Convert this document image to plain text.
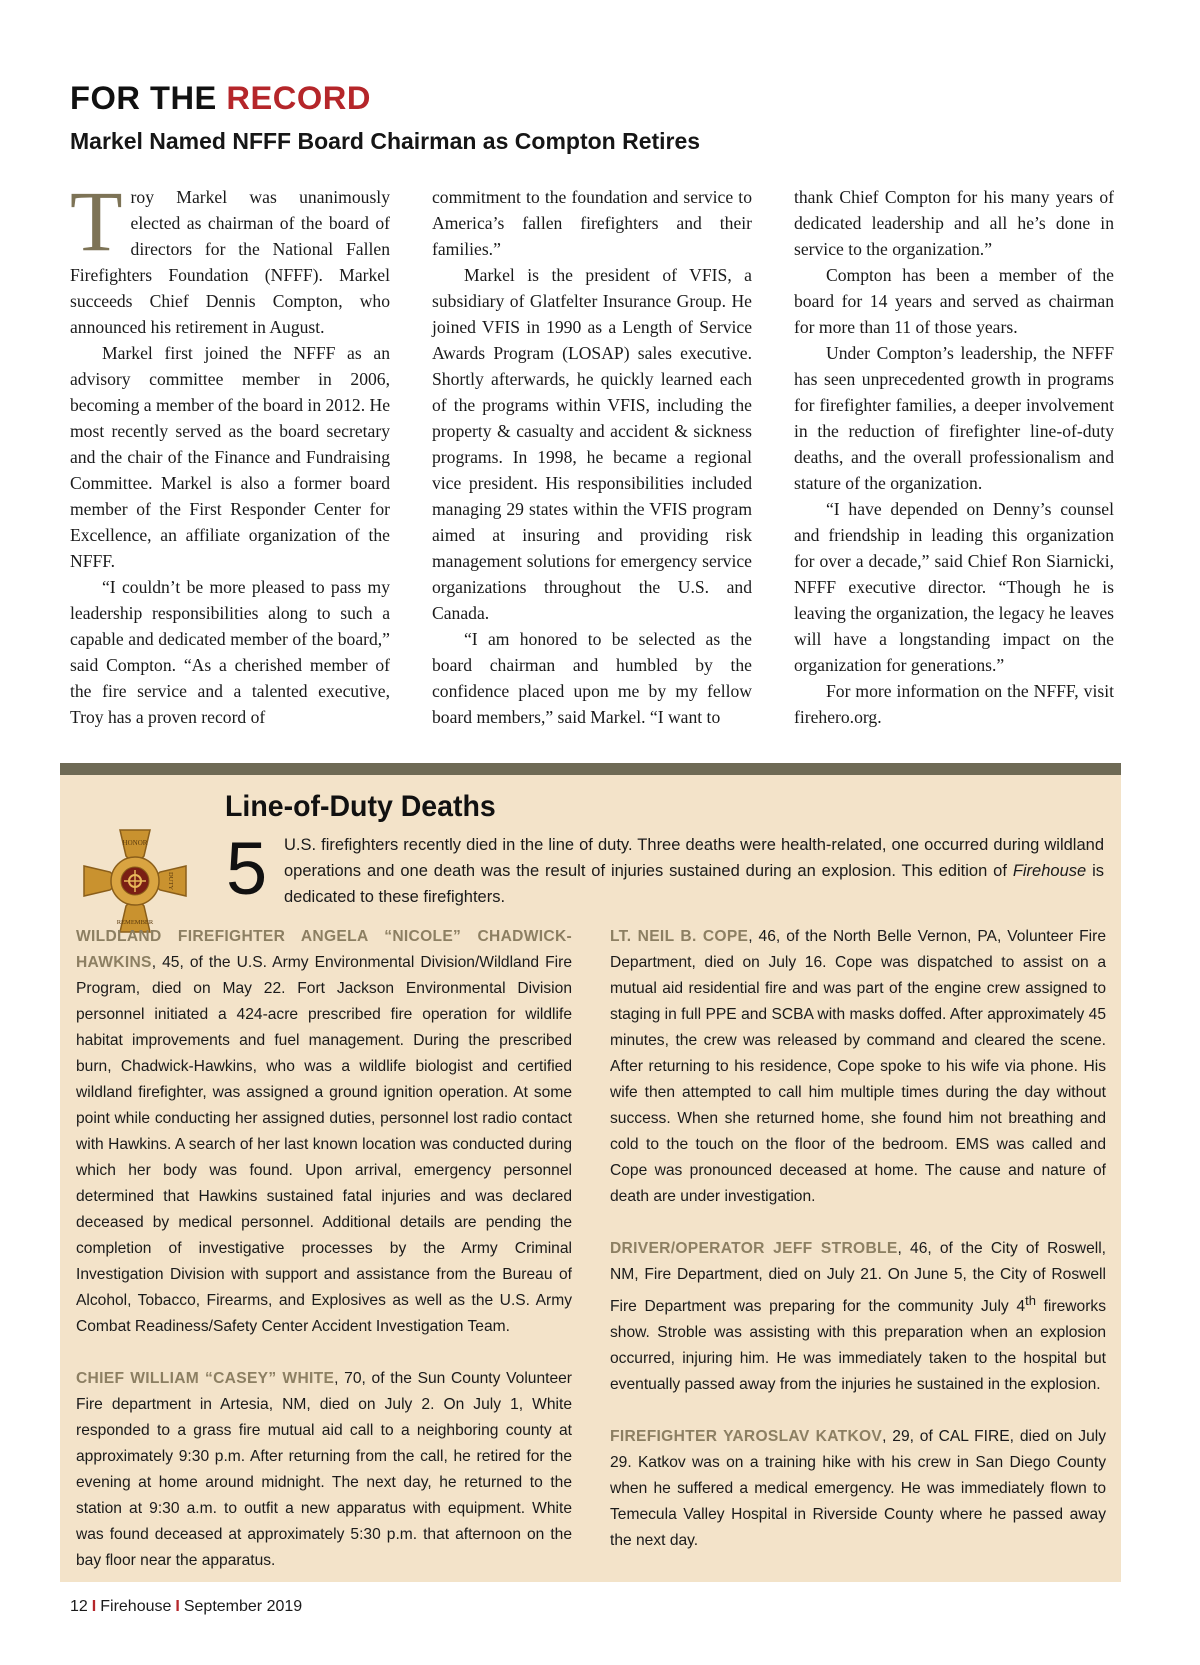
FOR THE RECORD
Markel Named NFFF Board Chairman as Compton Retires

Troy Markel was unanimously elected as chairman of the board of directors for the National Fallen Firefighters Foundation (NFFF). Markel succeeds Chief Dennis Compton, who announced his retirement in August.

Markel first joined the NFFF as an advisory committee member in 2006, becoming a member of the board in 2012. He most recently served as the board secretary and the chair of the Finance and Fundraising Committee. Markel is also a former board member of the First Responder Center for Excellence, an affiliate organization of the NFFF.

“I couldn’t be more pleased to pass my leadership responsibilities along to such a capable and dedicated member of the board,” said Compton. “As a cherished member of the fire service and a talented executive, Troy has a proven record of

commitment to the foundation and service to America’s fallen firefighters and their families.”

Markel is the president of VFIS, a subsidiary of Glatfelter Insurance Group. He joined VFIS in 1990 as a Length of Service Awards Program (LOSAP) sales executive. Shortly afterwards, he quickly learned each of the programs within VFIS, including the property & casualty and accident & sickness programs. In 1998, he became a regional vice president. His responsibilities included managing 29 states within the VFIS program aimed at insuring and providing risk management solutions for emergency service organizations throughout the U.S. and Canada.

“I am honored to be selected as the board chairman and humbled by the confidence placed upon me by my fellow board members,” said Markel. “I want to

thank Chief Compton for his many years of dedicated leadership and all he’s done in service to the organization.”

Compton has been a member of the board for 14 years and served as chairman for more than 11 of those years.

Under Compton’s leadership, the NFFF has seen unprecedented growth in programs for firefighter families, a deeper involvement in the reduction of firefighter line-of-duty deaths, and the overall professionalism and stature of the organization.

“I have depended on Denny’s counsel and friendship in leading this organization for over a decade,” said Chief Ron Siarnicki, NFFF executive director. “Though he is leaving the organization, the legacy he leaves will have a longstanding impact on the organization for generations.”

For more information on the NFFF, visit firehero.org.

HONOR
REMEMBER
DUTY
Line-of-Duty Deaths
5 U.S. firefighters recently died in the line of duty. Three deaths were health-related, one occurred during wildland operations and one death was the result of injuries sustained during an explosion. This edition of Firehouse is dedicated to these firefighters.

WILDLAND FIREFIGHTER ANGELA “NICOLE” CHADWICK-HAWKINS, 45, of the U.S. Army Environmental Division/Wildland Fire Program, died on May 22. Fort Jackson Environmental Division personnel initiated a 424-acre prescribed fire operation for wildlife habitat improvements and fuel management. During the prescribed burn, Chadwick-Hawkins, who was a wildlife biologist and certified wildland firefighter, was assigned a ground ignition operation. At some point while conducting her assigned duties, personnel lost radio contact with Hawkins. A search of her last known location was conducted during which her body was found. Upon arrival, emergency personnel determined that Hawkins sustained fatal injuries and was declared deceased by medical personnel. Additional details are pending the completion of investigative processes by the Army Criminal Investigation Division with support and assistance from the Bureau of Alcohol, Tobacco, Firearms, and Explosives as well as the U.S. Army Combat Readiness/Safety Center Accident Investigation Team.

CHIEF WILLIAM “CASEY” WHITE, 70, of the Sun County Volunteer Fire department in Artesia, NM, died on July 2. On July 1, White responded to a grass fire mutual aid call to a neighboring county at approximately 9:30 p.m. After returning from the call, he retired for the evening at home around midnight. The next day, he returned to the station at 9:30 a.m. to outfit a new apparatus with equipment. White was found deceased at approximately 5:30 p.m. that afternoon on the bay floor near the apparatus.

LT. NEIL B. COPE, 46, of the North Belle Vernon, PA, Volunteer Fire Department, died on July 16. Cope was dispatched to assist on a mutual aid residential fire and was part of the engine crew assigned to staging in full PPE and SCBA with masks doffed. After approximately 45 minutes, the crew was released by command and cleared the scene. After returning to his residence, Cope spoke to his wife via phone. His wife then attempted to call him multiple times during the day without success. When she returned home, she found him not breathing and cold to the touch on the floor of the bedroom. EMS was called and Cope was pronounced deceased at home. The cause and nature of death are under investigation.

DRIVER/OPERATOR JEFF STROBLE, 46, of the City of Roswell, NM, Fire Department, died on July 21. On June 5, the City of Roswell Fire Department was preparing for the community July 4th fireworks show. Stroble was assisting with this preparation when an explosion occurred, injuring him. He was immediately taken to the hospital but eventually passed away from the injuries he sustained in the explosion.

FIREFIGHTER YAROSLAV KATKOV, 29, of CAL FIRE, died on July 29. Katkov was on a training hike with his crew in San Diego County when he suffered a medical emergency. He was immediately flown to Temecula Valley Hospital in Riverside County where he passed away the next day.

12 I Firehouse I September 2019
